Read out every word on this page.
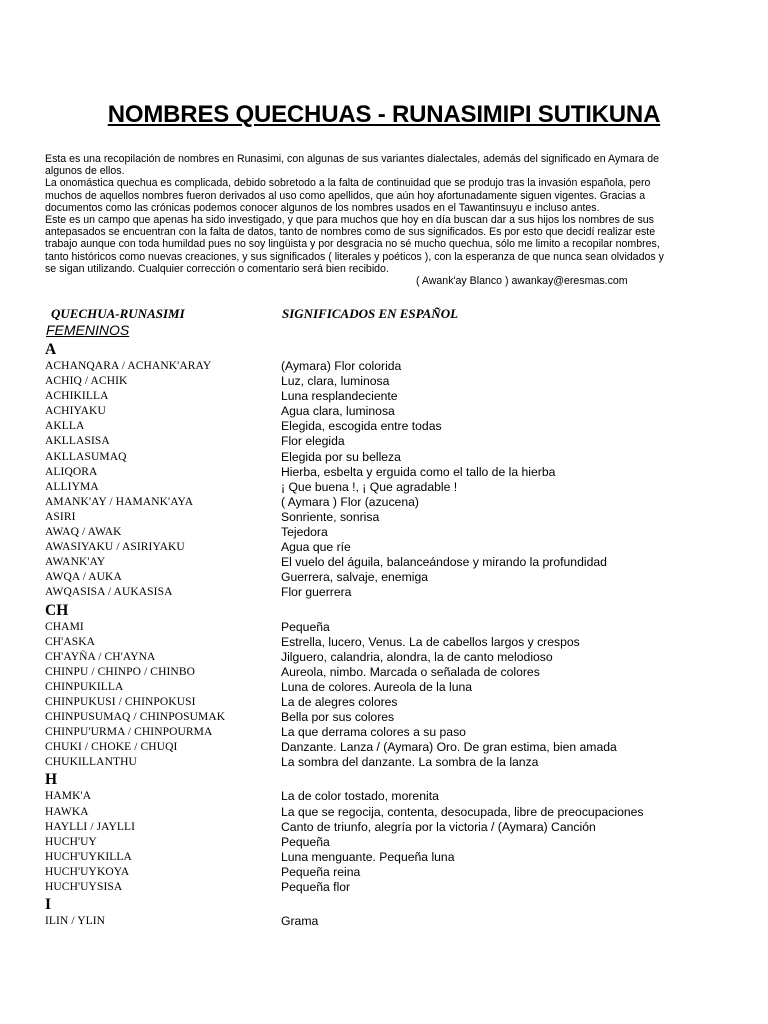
NOMBRES QUECHUAS - RUNASIMIPI SUTIKUNA
Esta es una recopilación de nombres en Runasimi, con algunas de sus variantes dialectales, además del significado en Aymara de
algunos de ellos.
La onomástica quechua es complicada, debido sobretodo a la falta de continuidad que se produjo tras la invasión española, pero
muchos de aquellos nombres fueron derivados al uso como apellidos, que aún hoy afortunadamente siguen vigentes. Gracias a
documentos como las crónicas podemos conocer algunos de los nombres usados en el Tawantinsuyu e incluso antes.
Este es un campo que apenas ha sido investigado, y que para muchos que hoy en día buscan dar a sus hijos los nombres de sus
antepasados se encuentran con la falta de datos, tanto de nombres como de sus significados. Es por esto que decidí realizar este
trabajo aunque con toda humildad pues no soy lingüista y por desgracia no sé mucho quechua, sólo me limito a recopilar nombres,
tanto históricos como nuevas creaciones, y sus significados ( literales y poéticos ), con la esperanza de que nunca sean olvidados y
se sigan utilizando. Cualquier corrección o comentario será bien recibido.
( Awank'ay Blanco ) awankay@eresmas.com
QUECHUA-RUNASIMI	SIGNIFICADOS EN ESPAÑOL
FEMENINOS
A
ACHANQARA / ACHANK'ARAY	(Aymara) Flor colorida
ACHIQ / ACHIK	Luz, clara, luminosa
ACHIKILLA	Luna resplandeciente
ACHIYAKU	Agua clara, luminosa
AKLLA	Elegida, escogida entre todas
AKLLASISA	Flor elegida
AKLLASUMAQ	Elegida por su belleza
ALIQORA	Hierba, esbelta y erguida como el tallo de la hierba
ALLIYMA	¡ Que buena !, ¡ Que agradable !
AMANK'AY / HAMANK'AYA	( Aymara ) Flor (azucena)
ASIRI	Sonriente, sonrisa
AWAQ / AWAK	Tejedora
AWASIYAKU / ASIRIYAKU	Agua que ríe
AWANK'AY	El vuelo del águila, balanceándose y mirando la profundidad
AWQA / AUKA	Guerrera, salvaje, enemiga
AWQASISA / AUKASISA	Flor guerrera
CH
CHAMI	Pequeña
CH'ASKA	Estrella, lucero, Venus. La de cabellos largos y crespos
CH'AYÑA / CH'AYNA	Jilguero, calandria, alondra, la de canto melodioso
CHINPU / CHINPO / CHINBO	Aureola, nimbo. Marcada o señalada de colores
CHINPUKILLA	Luna de colores. Aureola de la luna
CHINPUKUSI / CHINPOKUSI	La de alegres colores
CHINPUSUMAQ / CHINPOSUMAK	Bella por sus colores
CHINPU'URMA / CHINPOURMA	La que derrama colores a su paso
CHUKI / CHOKE / CHUQI	Danzante. Lanza / (Aymara) Oro. De gran estima, bien amada
CHUKILLANTHU	La sombra del danzante. La sombra de la lanza
H
HAMK'A	La de color tostado, morenita
HAWKA	La que se regocija, contenta, desocupada, libre de preocupaciones
HAYLLI / JAYLLI	Canto de triunfo, alegría por la victoria / (Aymara) Canción
HUCH'UY	Pequeña
HUCH'UYKILLA	Luna menguante. Pequeña luna
HUCH'UYKOYA	Pequeña reina
HUCH'UYSISA	Pequeña flor
I
ILIN / YLIN	Grama
